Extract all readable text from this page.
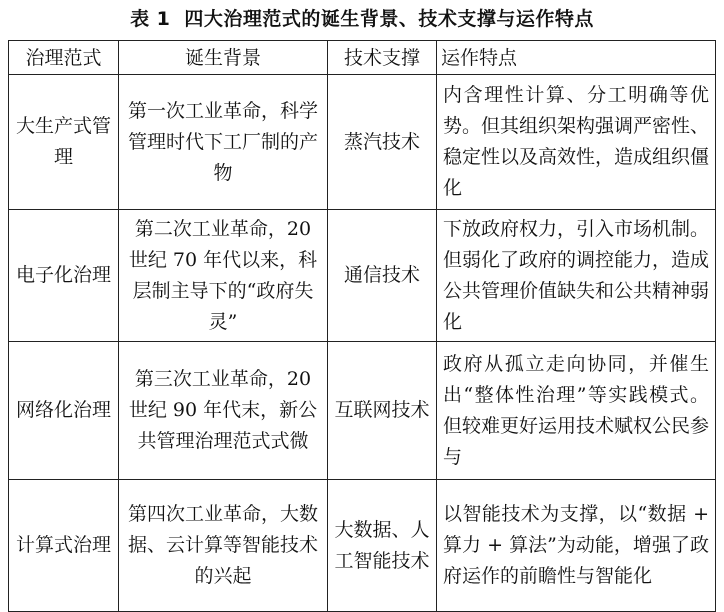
表 1 四大治理范式的诞生背景、技术支撑与运作特点
治理范式	诞生背景	技术支撑	运作特点
大生产式管理	第一次工业革命，科学管理时代下工厂制的产物	蒸汽技术	内含理性计算、分工明确等优势。但其组织架构强调严密性、稳定性以及高效性，造成组织僵化
电子化治理	第二次工业革命，20 世纪 70 年代以来，科层制主导下的“政府失灵”	通信技术	下放政府权力，引入市场机制。但弱化了政府的调控能力，造成公共管理价值缺失和公共精神弱化
网络化治理	第三次工业革命，20 世纪 90 年代末，新公共管理治理范式式微	互联网技术	政府从孤立走向协同，并催生出“整体性治理”等实践模式。但较难更好运用技术赋权公民参与
计算式治理	第四次工业革命，大数据、云计算等智能技术的兴起	大数据、人工智能技术	以智能技术为支撑，以“数据 + 算力 + 算法”为动能，增强了政府运作的前瞻性与智能化
